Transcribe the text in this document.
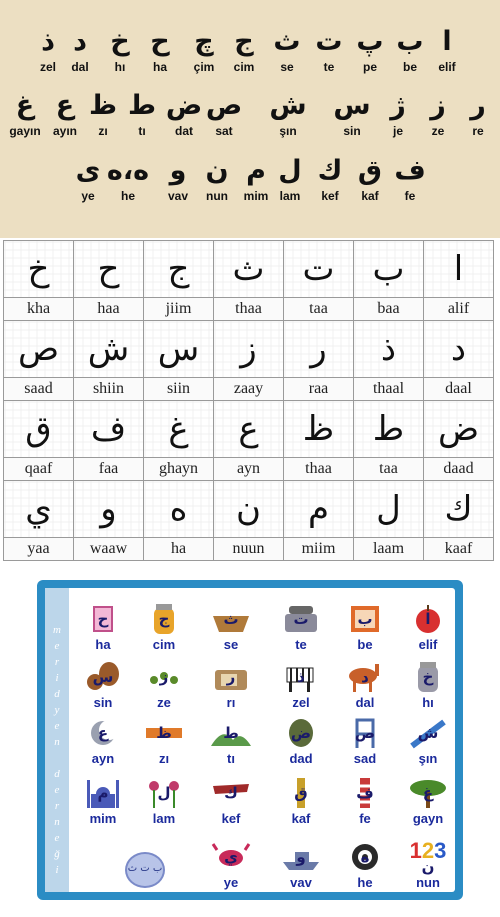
ذ
zel
د
dal
خ
hı
ح
ha
چ
çim
ج
cim
ث
se
ت
te
پ
pe
ب
be
ا
elif
غ
gayın
ع
ayın
ظ
zı
ط
tı
ض
dat
ص
sat
ش
şın
س
sin
ژ
je
ز
ze
ر
re
ى
ye
ه،ه
he
و
vav
ن
nun
م
mim
ل
lam
ك
kef
ق
kaf
ف
fe
خ	ح	ج	ث	ت	ب	ا
kha	haa	jiim	thaa	taa	baa	alif
ص	ش	س	ز	ر	ذ	د
saad	shiin	siin	zaay	raa	thaal	daal
ق	ف	غ	ع	ظ	ط	ض
qaaf	faa	ghayn	ayn	thaa	taa	daad
ي	و	ه	ن	م	ل	ك
yaa	waaw	ha	nuun	miim	laam	kaaf
m
e
r
i
d
y
e
n
d
e
r
n
e
ğ
i
ح
ha
ج
cim
ث
se
ت
te
ب
be
ا
elif
س
sin
ز
ze
ر
rı
ذ
zel
د
dal
خ
hı
ع
ayn
ظ
zı
ط
tı
ض
dad
ص
sad
ش
şın
م
mim
ل
lam
ك
kef
ق
kaf
ف
fe
غ
gayn
ي
ye
و
vav
ه
he
123
ن
nun
ب ت ث
